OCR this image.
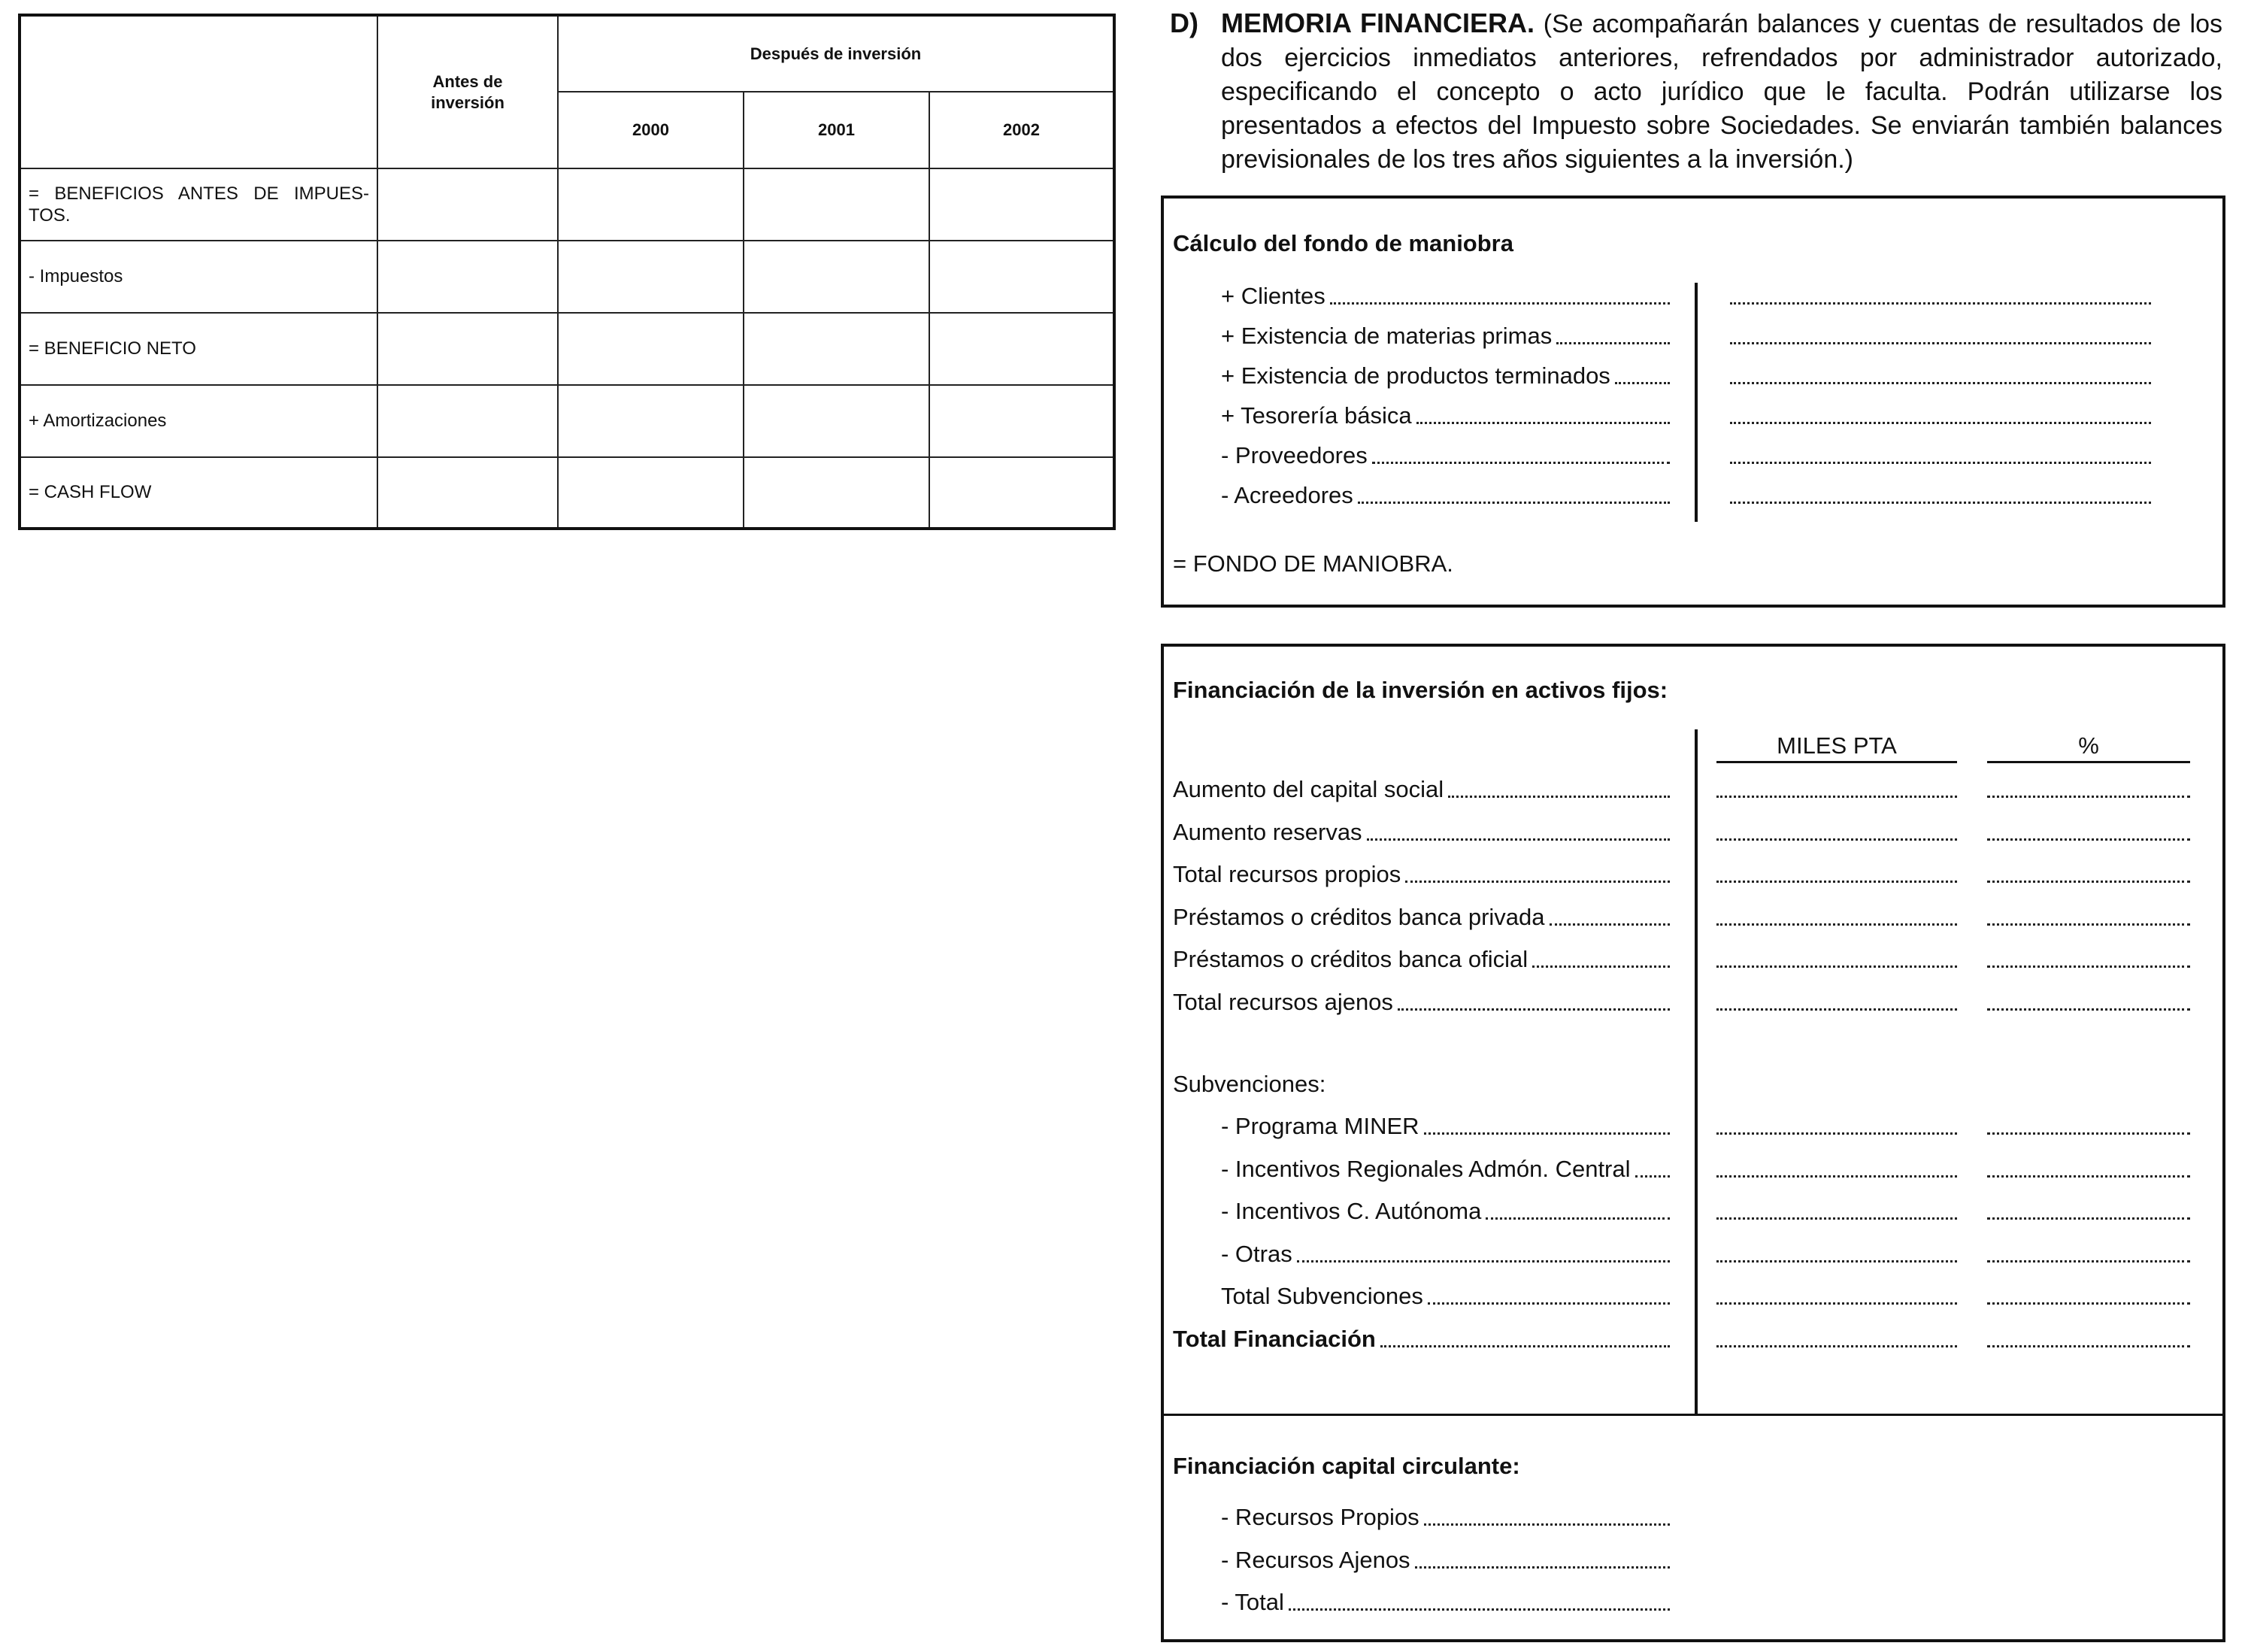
	Antes de inversión	Después de inversión		
		2000	2001	2002
= BENEFICIOS ANTES DE IMPUES-TOS.				
- Impuestos				
= BENEFICIO NETO				
+ Amortizaciones				
= CASH FLOW				
D) MEMORIA FINANCIERA. (Se acompañarán balances y cuentas de resultados de los dos ejercicios inmediatos anteriores, refrendados por administrador autorizado, especificando el concepto o acto jurídico que le faculta. Podrán utilizarse los presentados a efectos del Impuesto sobre Sociedades. Se enviarán también balances previsionales de los tres años siguientes a la inversión.)
Cálculo del fondo de maniobra
+ Clientes
+ Existencia de materias primas
+ Existencia de productos terminados
+ Tesorería básica
- Proveedores
- Acreedores
= FONDO DE MANIOBRA.
Financiación de la inversión en activos fijos:
MILES PTA	%
Aumento del capital social
Aumento reservas
Total recursos propios
Préstamos o créditos banca privada
Préstamos o créditos banca oficial
Total recursos ajenos
Subvenciones:
- Programa MINER
- Incentivos Regionales Admón. Central
- Incentivos C. Autónoma
- Otras
Total Subvenciones
Total Financiación
Financiación capital circulante:
- Recursos Propios
- Recursos Ajenos
- Total
